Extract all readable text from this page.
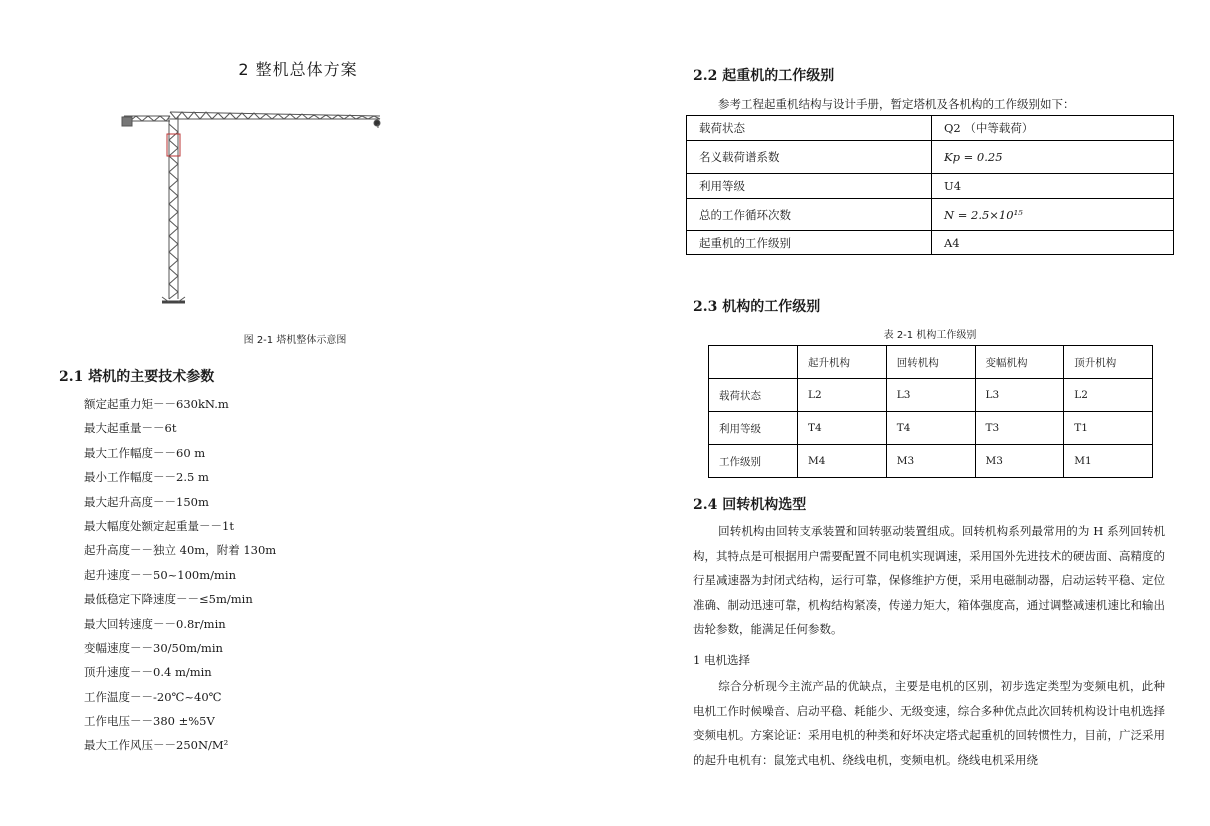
2 整机总体方案
图 2-1 塔机整体示意图
2.1 塔机的主要技术参数
额定起重力矩－－630kN.m
最大起重量－－6t
最大工作幅度－－60 m
最小工作幅度－－2.5 m
最大起升高度－－150m
最大幅度处额定起重量－－1t
起升高度－－独立 40m，附着 130m
起升速度－－50~100m/min
最低稳定下降速度－－≤5m/min
最大回转速度－－0.8r/min
变幅速度－－30/50m/min
顶升速度－－0.4 m/min
工作温度－－-20℃~40℃
工作电压－－380 ±%5V
最大工作风压－－250N/M²
2.2 起重机的工作级别
参考工程起重机结构与设计手册，暂定塔机及各机构的工作级别如下：
载荷状态	Q2 （中等载荷）
名义载荷谱系数	Kp = 0.25
利用等级	U4
总的工作循环次数	N = 2.5×10¹⁵
起重机的工作级别	A4
2.3 机构的工作级别
表 2-1 机构工作级别
	起升机构	回转机构	变幅机构	顶升机构
载荷状态	L2	L3	L3	L2
利用等级	T4	T4	T3	T1
工作级别	M4	M3	M3	M1
2.4 回转机构选型

回转机构由回转支承装置和回转驱动装置组成。回转机构系列最常用的为 H 系列回转机构，其特点是可根据用户需要配置不同电机实现调速，采用国外先进技术的硬齿面、高精度的行星减速器为封闭式结构，运行可靠，保修维护方便，采用电磁制动器，启动运转平稳、定位准确、制动迅速可靠，机构结构紧凑，传递力矩大，箱体强度高，通过调整减速机速比和输出齿轮参数，能满足任何参数。

1 电机选择

综合分析现今主流产品的优缺点，主要是电机的区别，初步选定类型为变频电机，此种电机工作时候噪音、启动平稳、耗能少、无级变速，综合多种优点此次回转机构设计电机选择变频电机。方案论证：采用电机的种类和好坏决定塔式起重机的回转惯性力，目前，广泛采用的起升电机有：鼠笼式电机、绕线电机，变频电机。绕线电机采用绕
